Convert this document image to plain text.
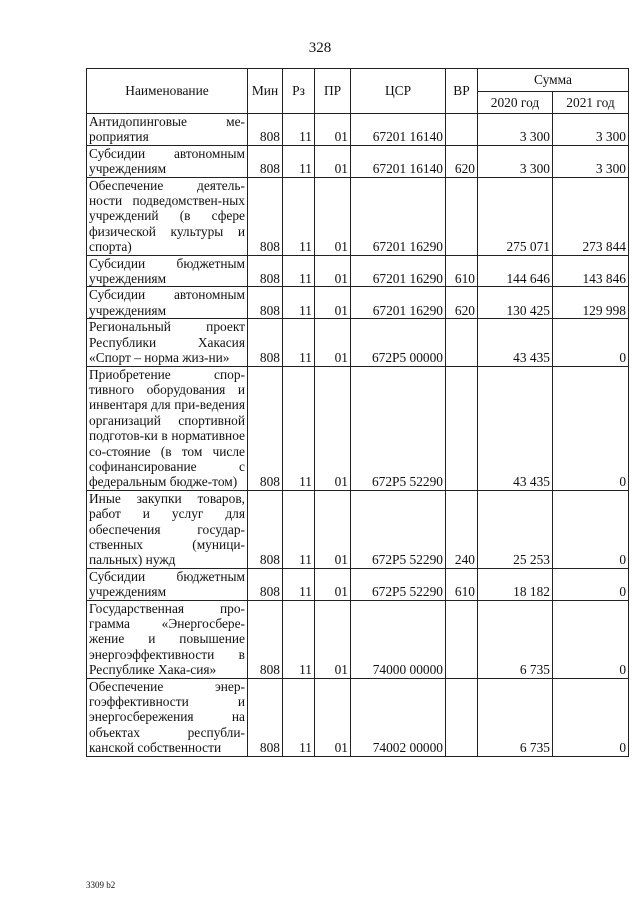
328
Наименование	Мин	Рз	ПР	ЦСР	ВР	Сумма	
						2020 год	2021 год
Антидопинговые ме-роприятия	808	11	01	67201 16140		3 300	3 300
Субсидии автономным учреждениям	808	11	01	67201 16140	620	3 300	3 300
Обеспечение деятель-ности подведомствен-ных учреждений (в сфере физической культуры и спорта)	808	11	01	67201 16290		275 071	273 844
Субсидии бюджетным учреждениям	808	11	01	67201 16290	610	144 646	143 846
Субсидии автономным учреждениям	808	11	01	67201 16290	620	130 425	129 998
Региональный проект Республики Хакасия «Спорт – норма жиз-ни»	808	11	01	672P5 00000		43 435	0
Приобретение спор-тивного оборудования и инвентаря для при-ведения организаций спортивной подготов-ки в нормативное со-стояние (в том числе софинансирование с федеральным бюдже-том)	808	11	01	672P5 52290		43 435	0
Иные закупки товаров, работ и услуг для обеспечения государ-ственных (муници-пальных) нужд	808	11	01	672P5 52290	240	25 253	0
Субсидии бюджетным учреждениям	808	11	01	672P5 52290	610	18 182	0
Государственная про-грамма «Энергосбере-жение и повышение энергоэффективности в Республике Хака-сия»	808	11	01	74000 00000		6 735	0
Обеспечение энер-гоэффективности и энергосбережения на объектах республи-канской собственности	808	11	01	74002 00000		6 735	0
3309 b2
